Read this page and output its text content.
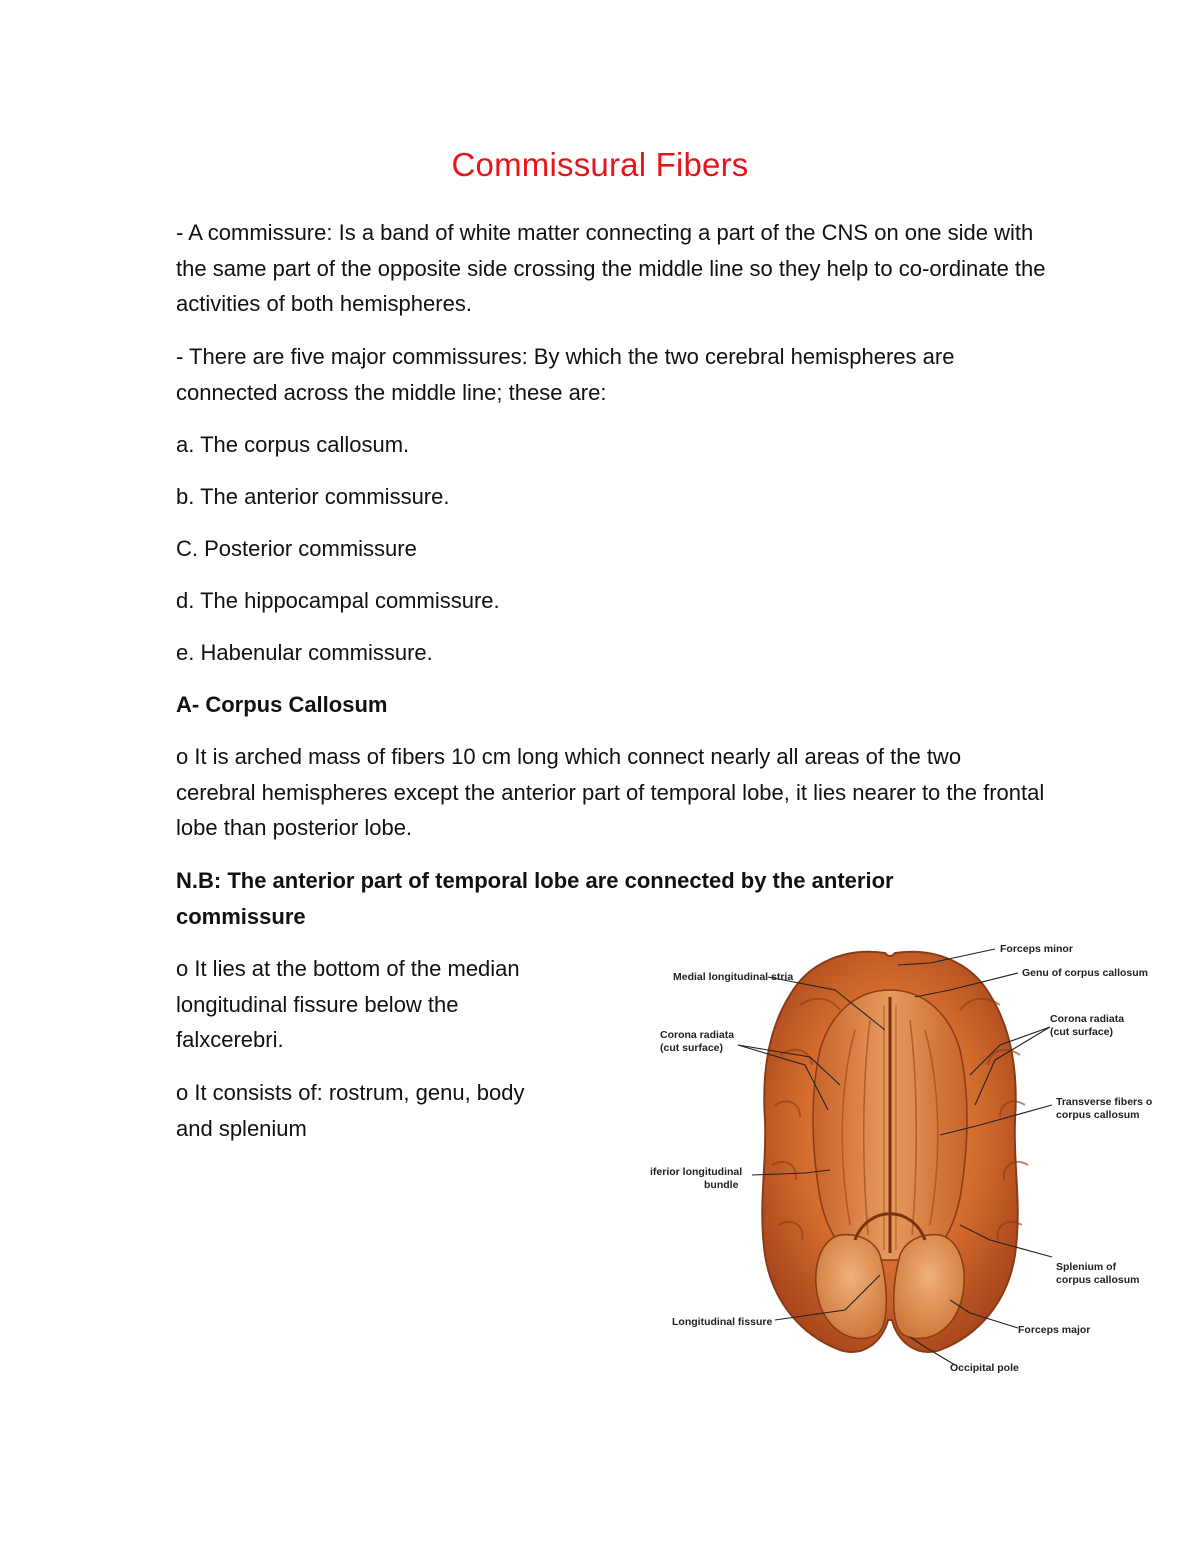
Commissural Fibers

- A commissure: Is a band of white matter connecting a part of the CNS on one side with the same part of the opposite side crossing the middle line so they help to co-ordinate the activities of both hemispheres.

- There are five major commissures: By which the two cerebral hemispheres are connected across the middle line; these are:

a. The corpus callosum.

b. The anterior commissure.

C. Posterior commissure

d. The hippocampal commissure.

e. Habenular commissure.

A- Corpus Callosum

o It is arched mass of fibers 10 cm long which connect nearly all areas of the two cerebral hemispheres except the anterior part of temporal lobe, it lies nearer to the frontal lobe than posterior lobe.

N.B: The anterior part of temporal lobe are connected by the anterior commissure

o It lies at the bottom of the median longitudinal fissure below the falxcerebri.

o It consists of: rostrum, genu, body and splenium

Forceps minor
Genu of corpus callosum
Medial longitudinal stria
Corona radiata
(cut surface)
Corona radiata
(cut surface)
Transverse fibers o
corpus callosum
iferior longitudinal
bundle
Splenium of
corpus callosum
Longitudinal fissure
Forceps major
Occipital pole
